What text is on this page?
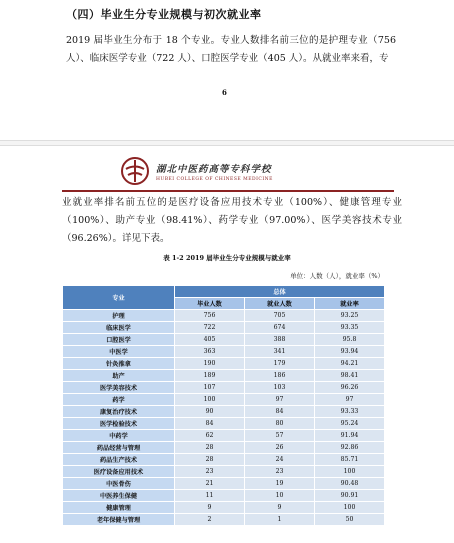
（四）毕业生分专业规模与初次就业率
2019 届毕业生分布于 18 个专业。专业人数排名前三位的是护理专业（756 人）、临床医学专业（722 人）、口腔医学专业（405 人）。从就业率来看，专
6
湖北中医药高等专科学校
HUBEI COLLEGE OF CHINESE MEDICINE
业就业率排名前五位的是医疗设备应用技术专业（100%）、健康管理专业（100%）、助产专业（98.41%）、药学专业（97.00%）、医学美容技术专业（96.26%）。详见下表。
表 1-2 2019 届毕业生分专业规模与就业率
单位：人数（人），就业率（%）
专业	总体		
	毕业人数	就业人数	就业率
护理	756	705	93.25
临床医学	722	674	93.35
口腔医学	405	388	95.8
中医学	363	341	93.94
针灸推拿	190	179	94.21
助产	189	186	98.41
医学美容技术	107	103	96.26
药学	100	97	97
康复治疗技术	90	84	93.33
医学检验技术	84	80	95.24
中药学	62	57	91.94
药品经营与管理	28	26	92.86
药品生产技术	28	24	85.71
医疗设备应用技术	23	23	100
中医骨伤	21	19	90.48
中医养生保健	11	10	90.91
健康管理	9	9	100
老年保健与管理	2	1	50
